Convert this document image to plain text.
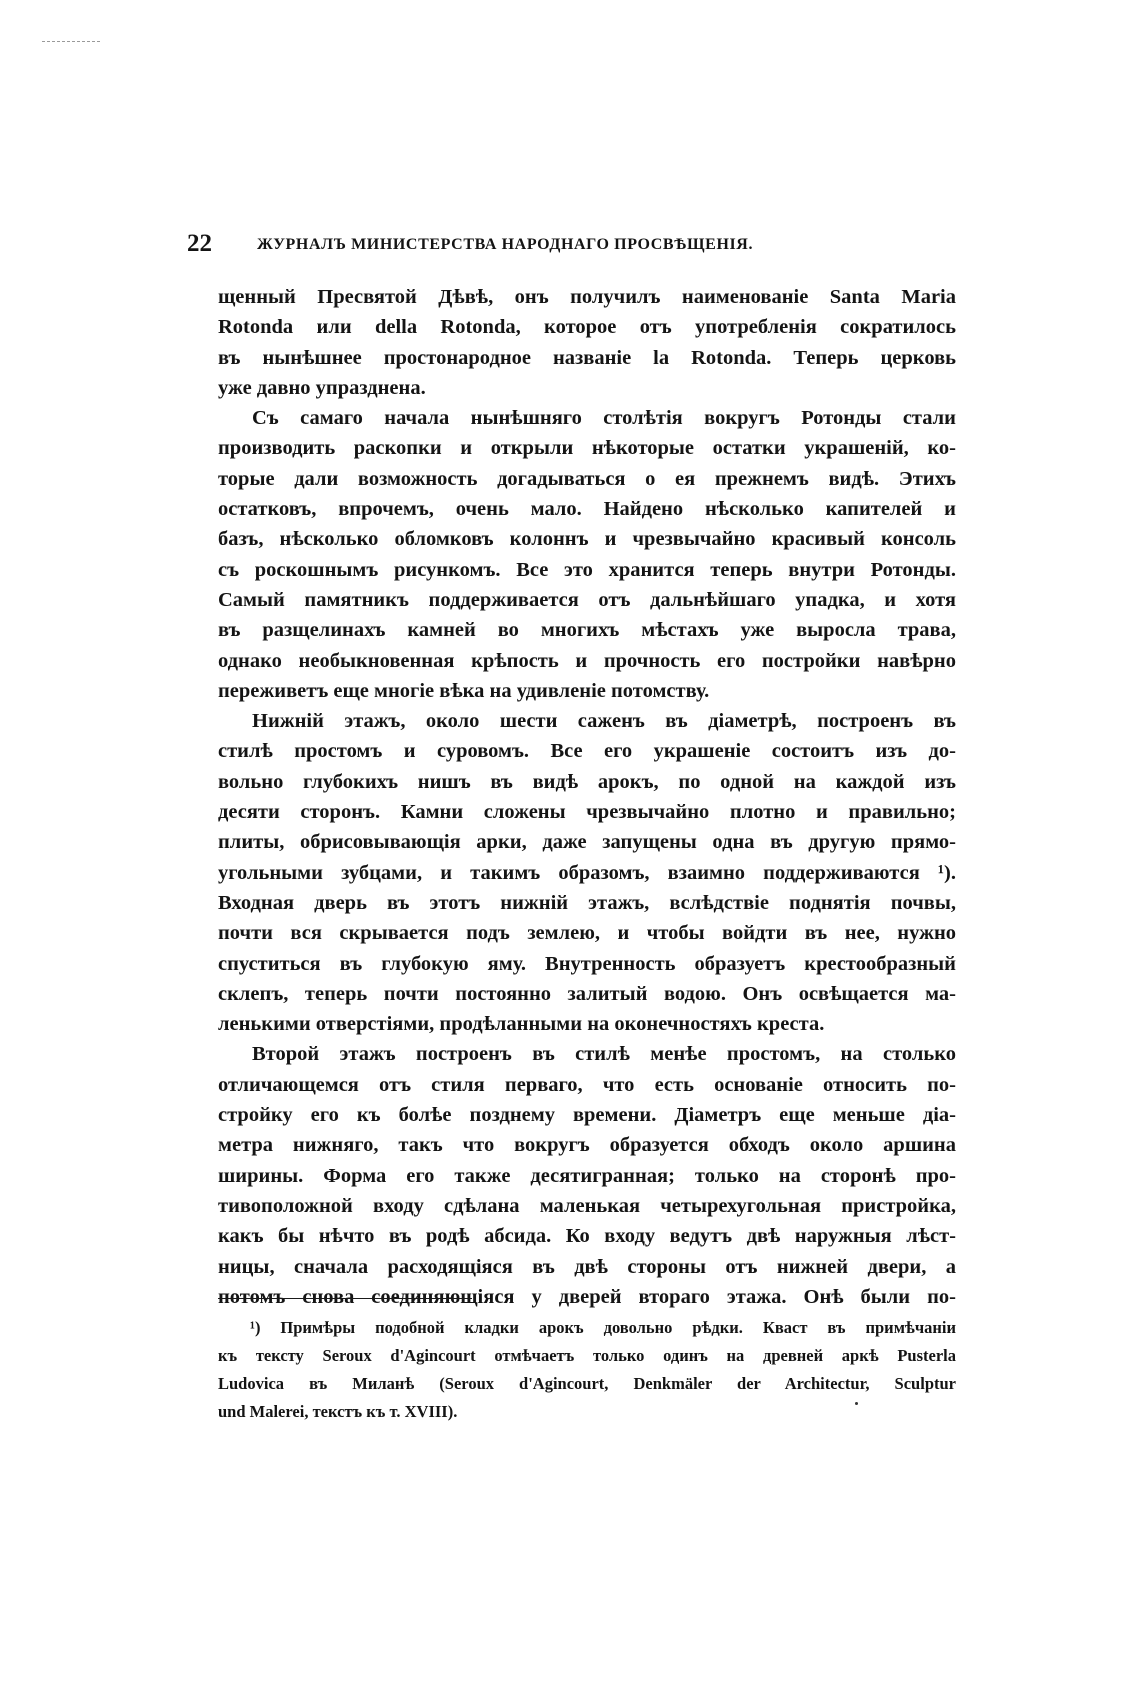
22	ЖУРНАЛЪ МИНИСТЕРСТВА НАРОДНАГО ПРОСВѢЩЕНІЯ.
щенный Пресвятой Дѣвѣ, онъ получилъ наименованіе Santa Maria
Rotonda или della Rotonda, которое отъ употребленія сократилось
въ нынѣшнее простонародное названіе la Rotonda. Теперь церковь
уже давно упразднена.
Съ самаго начала нынѣшняго столѣтія вокругъ Ротонды стали
производить раскопки и открыли нѣкоторые остатки украшеній, ко-
торые дали возможность догадываться о ея прежнемъ видѣ. Этихъ
остатковъ, впрочемъ, очень мало. Найдено нѣсколько капителей и
базъ, нѣсколько обломковъ колоннъ и чрезвычайно красивый консоль
съ роскошнымъ рисункомъ. Все это хранится теперь внутри Ротонды.
Самый памятникъ поддерживается отъ дальнѣйшаго упадка, и хотя
въ разщелинахъ камней во многихъ мѣстахъ уже выросла трава,
однако необыкновенная крѣпость и прочность его постройки навѣрно
переживетъ еще многіе вѣка на удивленіе потомству.
Нижній этажъ, около шести саженъ въ діаметрѣ, построенъ въ
стилѣ простомъ и суровомъ. Все его украшеніе состоитъ изъ до-
вольно глубокихъ нишъ въ видѣ арокъ, по одной на каждой изъ
десяти сторонъ. Камни сложены чрезвычайно плотно и правильно;
плиты, обрисовывающія арки, даже запущены одна въ другую прямо-
угольными зубцами, и такимъ образомъ, взаимно поддерживаются ¹).
Входная дверь въ этотъ нижній этажъ, вслѣдствіе поднятія почвы,
почти вся скрывается подъ землею, и чтобы войдти въ нее, нужно
спуститься въ глубокую яму. Внутренность образуетъ крестообразный
склепъ, теперь почти постоянно залитый водою. Онъ освѣщается ма-
ленькими отверстіями, продѣланными на оконечностяхъ креста.
Второй этажъ построенъ въ стилѣ менѣе простомъ, на столько
отличающемся отъ стиля перваго, что есть основаніе относить по-
стройку его къ болѣе позднему времени. Діаметръ еще меньше діа-
метра нижняго, такъ что вокругъ образуется обходъ около аршина
ширины. Форма его также десятигранная; только на сторонѣ про-
тивоположной входу сдѣлана маленькая четырехугольная пристройка,
какъ бы нѣчто въ родѣ абсида. Ко входу ведутъ двѣ наружныя лѣст-
ницы, сначала расходящіяся въ двѣ стороны отъ нижней двери, а
потомъ снова соединяющіяся у дверей втораго этажа. Онѣ были по-
¹) Примѣры подобной кладки арокъ довольно рѣдки. Кваст въ примѣчаніи
къ тексту Seroux d'Agincourt отмѣчаетъ только одинъ на древней аркѣ Pusterla
Ludovica въ Миланѣ (Seroux d'Agincourt, Denkmäler der Architectur, Sculptur
und Malerei, текстъ къ т. XVIII).
